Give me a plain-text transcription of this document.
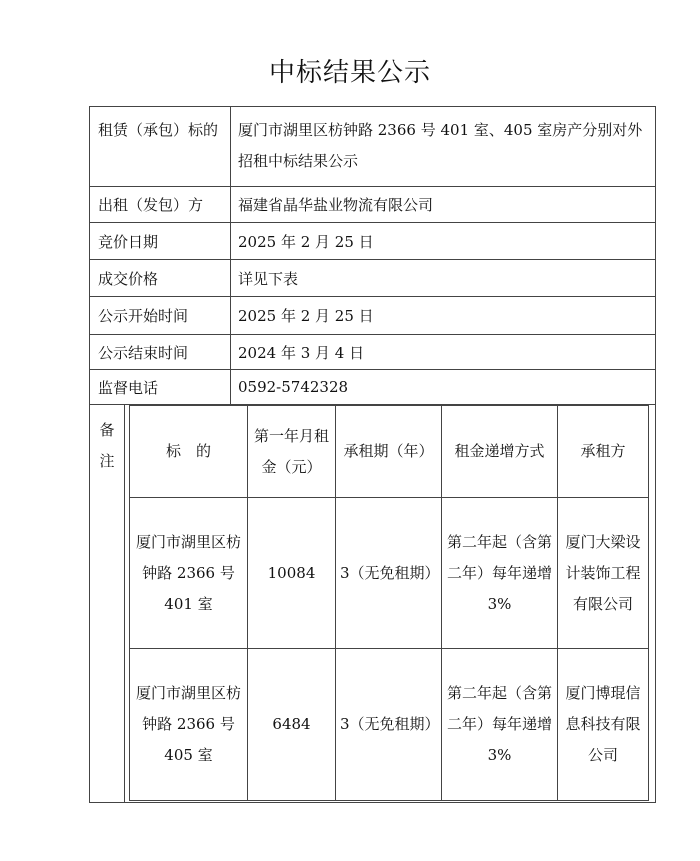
中标结果公示
租赁（承包）标的	厦门市湖里区枋钟路 2366 号 401 室、405 室房产分别对外招租中标结果公示
出租（发包）方	福建省晶华盐业物流有限公司
竞价日期	2025 年 2 月 25 日
成交价格	详见下表
公示开始时间	2025 年 2 月 25 日
公示结束时间	2024 年 3 月 4 日
监督电话	0592-5742328
备注
标　的	第一年月租金（元）	承租期（年）	租金递增方式	承租方
厦门市湖里区枋钟路 2366 号 401 室	10084	3（无免租期）	第二年起（含第二年）每年递增 3%	厦门大梁设计装饰工程有限公司
厦门市湖里区枋钟路 2366 号 405 室	6484	3（无免租期）	第二年起（含第二年）每年递增 3%	厦门博琨信息科技有限公司
